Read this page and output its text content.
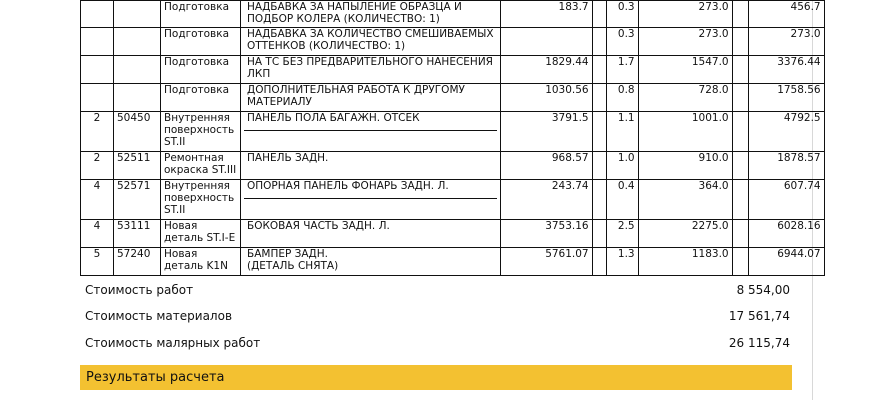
		Подготовка	НАДБАВКА ЗА НАПЫЛЕНИЕ ОБРАЗЦА И
ПОДБОР КОЛЕРА (КОЛИЧЕСТВО: 1)	183.7		0.3	273.0		456.7
		Подготовка	НАДБАВКА ЗА КОЛИЧЕСТВО СМЕШИВАЕМЫХ
ОТТЕНКОВ (КОЛИЧЕСТВО: 1)			0.3	273.0		273.0
		Подготовка	НА ТС БЕЗ ПРЕДВАРИТЕЛЬНОГО НАНЕСЕНИЯ
ЛКП	1829.44		1.7	1547.0		3376.44
		Подготовка	ДОПОЛНИТЕЛЬНАЯ РАБОТА К ДРУГОМУ
МАТЕРИАЛУ	1030.56		0.8	728.0		1758.56
2	50450	Внутренняя поверхность ST.II	ПАНЕЛЬ ПОЛА БАГАЖН. ОТСЕК	3791.5		1.1	1001.0		4792.5
2	52511	Ремонтная окраска ST.III	ПАНЕЛЬ ЗАДН.	968.57		1.0	910.0		1878.57
4	52571	Внутренняя поверхность ST.II	ОПОРНАЯ ПАНЕЛЬ ФОНАРЬ ЗАДН. Л.	243.74		0.4	364.0		607.74
4	53111	Новая деталь ST.I-E	БОКОВАЯ ЧАСТЬ ЗАДН. Л.	3753.16		2.5	2275.0		6028.16
5	57240	Новая деталь K1N	БАМПЕР ЗАДН.
(ДЕТАЛЬ СНЯТА)	5761.07		1.3	1183.0		6944.07
Стоимость работ	8 554,00
Стоимость материалов	17 561,74
Стоимость малярных работ	26 115,74
Результаты расчета
